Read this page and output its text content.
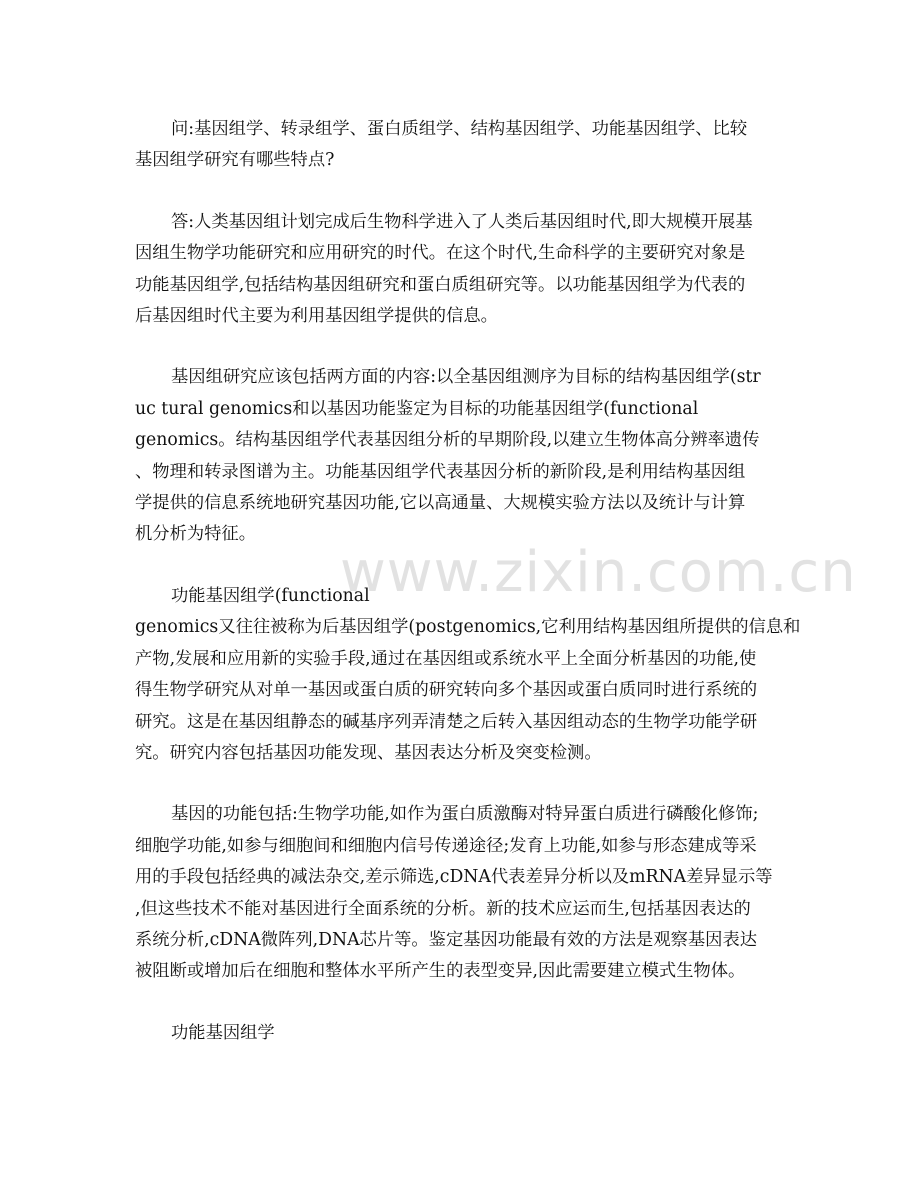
www.zixin.com.cn

问:基因组学、转录组学、蛋白质组学、结构基因组学、功能基因组学、比较
基因组学研究有哪些特点?

答:人类基因组计划完成后生物科学进入了人类后基因组时代,即大规模开展基
因组生物学功能研究和应用研究的时代。在这个时代,生命科学的主要研究对象是
功能基因组学,包括结构基因组研究和蛋白质组研究等。以功能基因组学为代表的
后基因组时代主要为利用基因组学提供的信息。

基因组研究应该包括两方面的内容:以全基因组测序为目标的结构基因组学(str
uc tural genomics和以基因功能鉴定为目标的功能基因组学(functional
genomics。结构基因组学代表基因组分析的早期阶段,以建立生物体高分辨率遗传
、物理和转录图谱为主。功能基因组学代表基因分析的新阶段,是利用结构基因组
学提供的信息系统地研究基因功能,它以高通量、大规模实验方法以及统计与计算
机分析为特征。

功能基因组学(functional
genomics又往往被称为后基因组学(postgenomics,它利用结构基因组所提供的信息和
产物,发展和应用新的实验手段,通过在基因组或系统水平上全面分析基因的功能,使
得生物学研究从对单一基因或蛋白质的研究转向多个基因或蛋白质同时进行系统的
研究。这是在基因组静态的碱基序列弄清楚之后转入基因组动态的生物学功能学研
究。研究内容包括基因功能发现、基因表达分析及突变检测。

基因的功能包括:生物学功能,如作为蛋白质激酶对特异蛋白质进行磷酸化修饰;
细胞学功能,如参与细胞间和细胞内信号传递途径;发育上功能,如参与形态建成等采
用的手段包括经典的减法杂交,差示筛选,cDNA代表差异分析以及mRNA差异显示等
,但这些技术不能对基因进行全面系统的分析。新的技术应运而生,包括基因表达的
系统分析,cDNA微阵列,DNA芯片等。鉴定基因功能最有效的方法是观察基因表达
被阻断或增加后在细胞和整体水平所产生的表型变异,因此需要建立模式生物体。

功能基因组学
